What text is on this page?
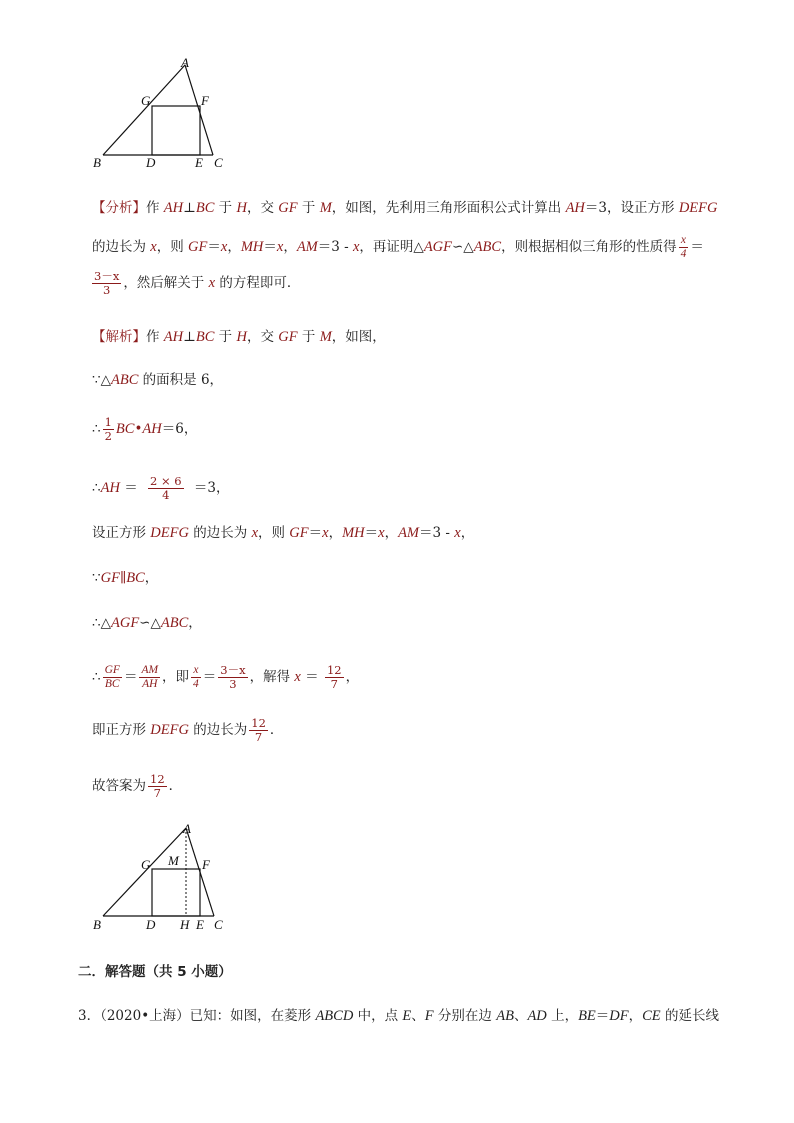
A
B	C
D	E
F
G
【分析】作 AH⊥BC 于 H，交 GF 于 M，如图，先利用三角形面积公式计算出 AH＝3，设正方形 DEFG
的边长为 x，则 GF＝x，MH＝x，AM＝3 - x，再证明△AGF∽△ABC，则根据相似三角形的性质得 $\frac{x}{4}$ ＝
$\frac{3-x}{3}$ ，然后解关于 x 的方程即可．
【解析】作 AH⊥BC 于 H，交 GF 于 M，如图，
∵△ABC 的面积是 6，
∴ $\frac{1}{2}$ BC•AH＝6，
∴AH ＝ $\frac{2 \times 6}{4} =3$，
设正方形 DEFG 的边长为 x，则 GF＝x，MH＝x，AM＝3 - x，
∵GF∥BC，
∴△AGF∽△ABC，
∴ $\frac{GF}{BC} = \frac{AM}{AH}$ ，即 $\frac{x}{4} = \frac{3-x}{3}$ ，解得 $x = \frac{12}{7}$ ，
即正方形 DEFG 的边长为 $\frac{12}{7}$ ．
故答案为 $\frac{12}{7}$ ．
A
B	C
D	E
F
G
H
M
二．解答题（共 5 小题）
3．（2020•上海）已知：如图，在菱形 ABCD 中，点 E、F 分别在边 AB、AD 上，BE＝DF，CE 的延长线
